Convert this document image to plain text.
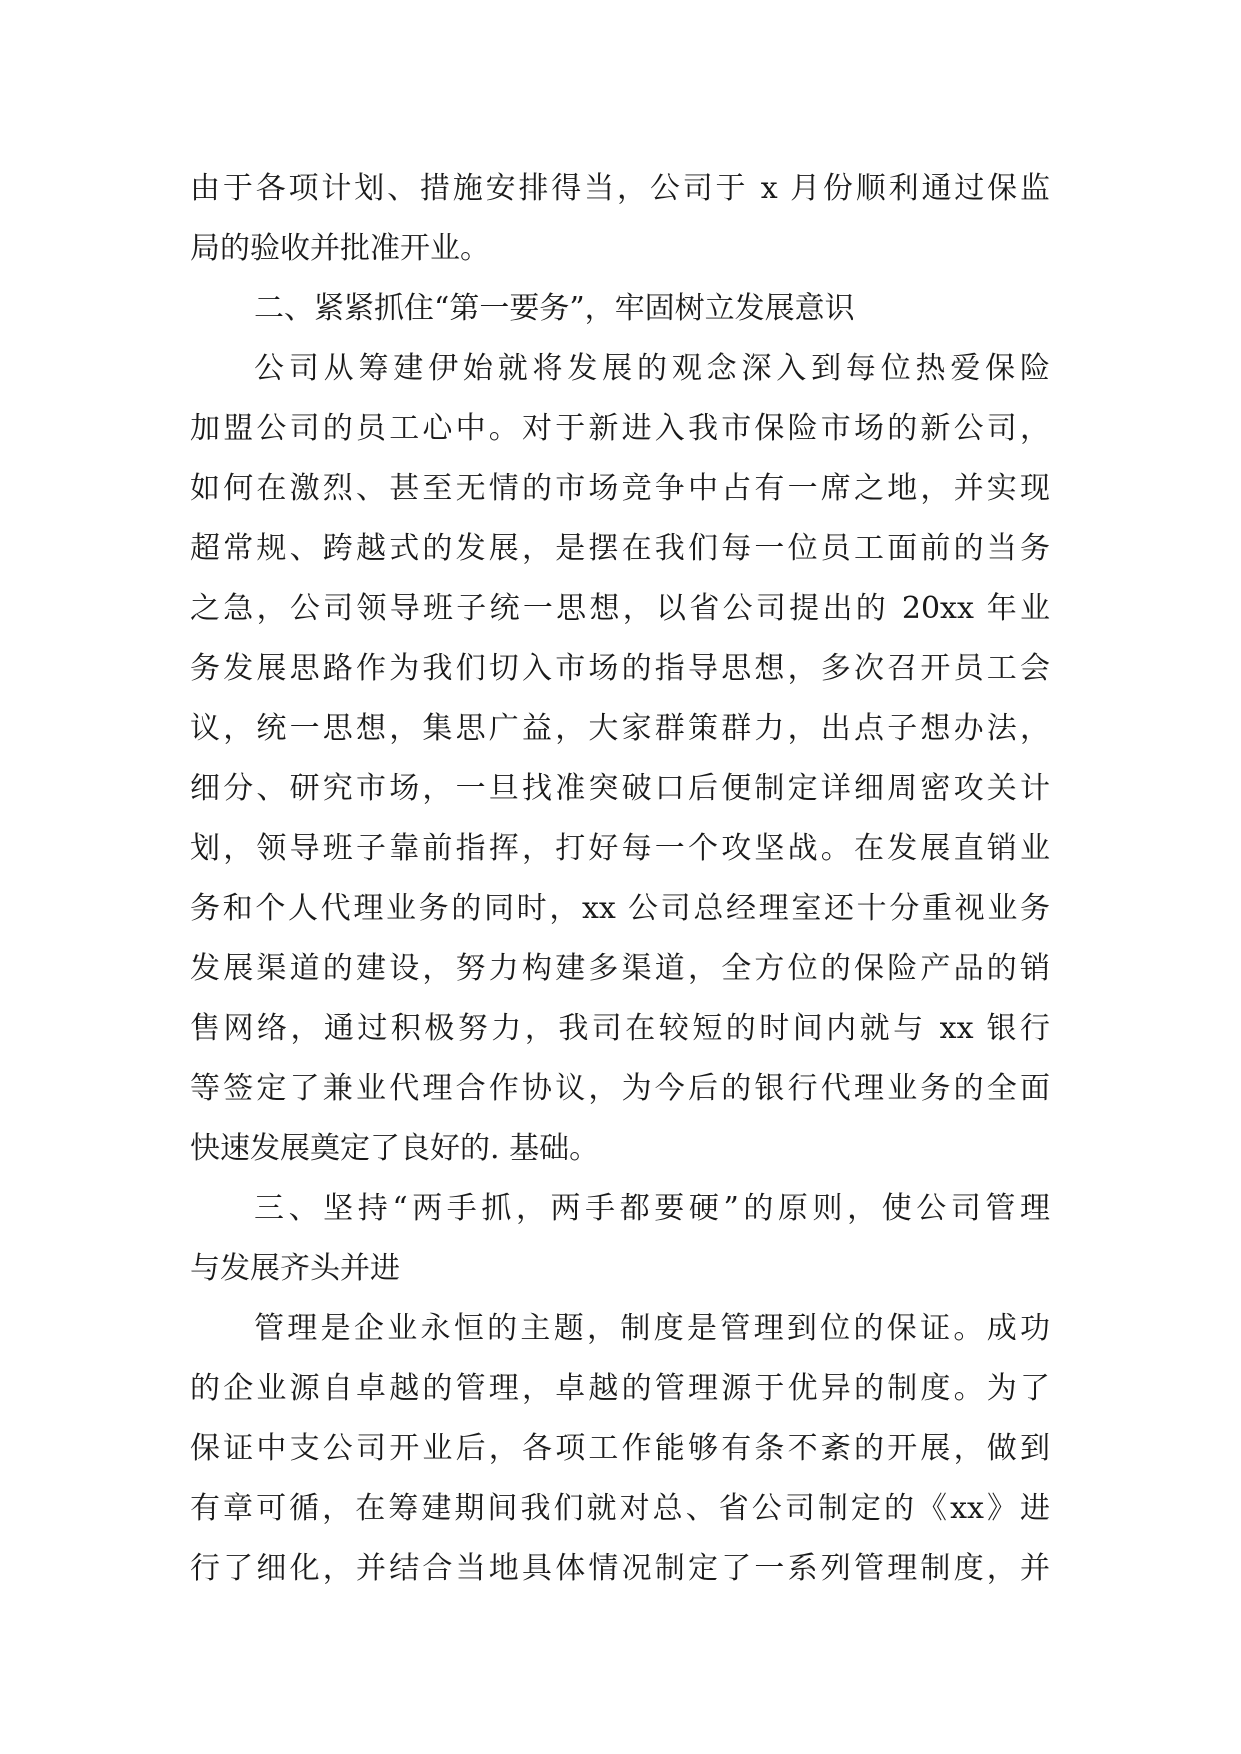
由于各项计划、措施安排得当，公司于 x 月份顺利通过保监
局的验收并批准开业。
二、紧紧抓住“第一要务”，牢固树立发展意识
公司从筹建伊始就将发展的观念深入到每位热爱保险
加盟公司的员工心中。对于新进入我市保险市场的新公司，
如何在激烈、甚至无情的市场竞争中占有一席之地，并实现
超常规、跨越式的发展，是摆在我们每一位员工面前的当务
之急，公司领导班子统一思想，以省公司提出的 20xx 年业
务发展思路作为我们切入市场的指导思想，多次召开员工会
议，统一思想，集思广益，大家群策群力，出点子想办法，
细分、研究市场，一旦找准突破口后便制定详细周密攻关计
划，领导班子靠前指挥，打好每一个攻坚战。在发展直销业
务和个人代理业务的同时，xx 公司总经理室还十分重视业务
发展渠道的建设，努力构建多渠道，全方位的保险产品的销
售网络，通过积极努力，我司在较短的时间内就与 xx 银行
等签定了兼业代理合作协议，为今后的银行代理业务的全面
快速发展奠定了良好的. 基础。
三、坚持“两手抓，两手都要硬”的原则，使公司管理
与发展齐头并进
管理是企业永恒的主题，制度是管理到位的保证。成功
的企业源自卓越的管理，卓越的管理源于优异的制度。为了
保证中支公司开业后，各项工作能够有条不紊的开展，做到
有章可循，在筹建期间我们就对总、省公司制定的《xx》进
行了细化，并结合当地具体情况制定了一系列管理制度，并
